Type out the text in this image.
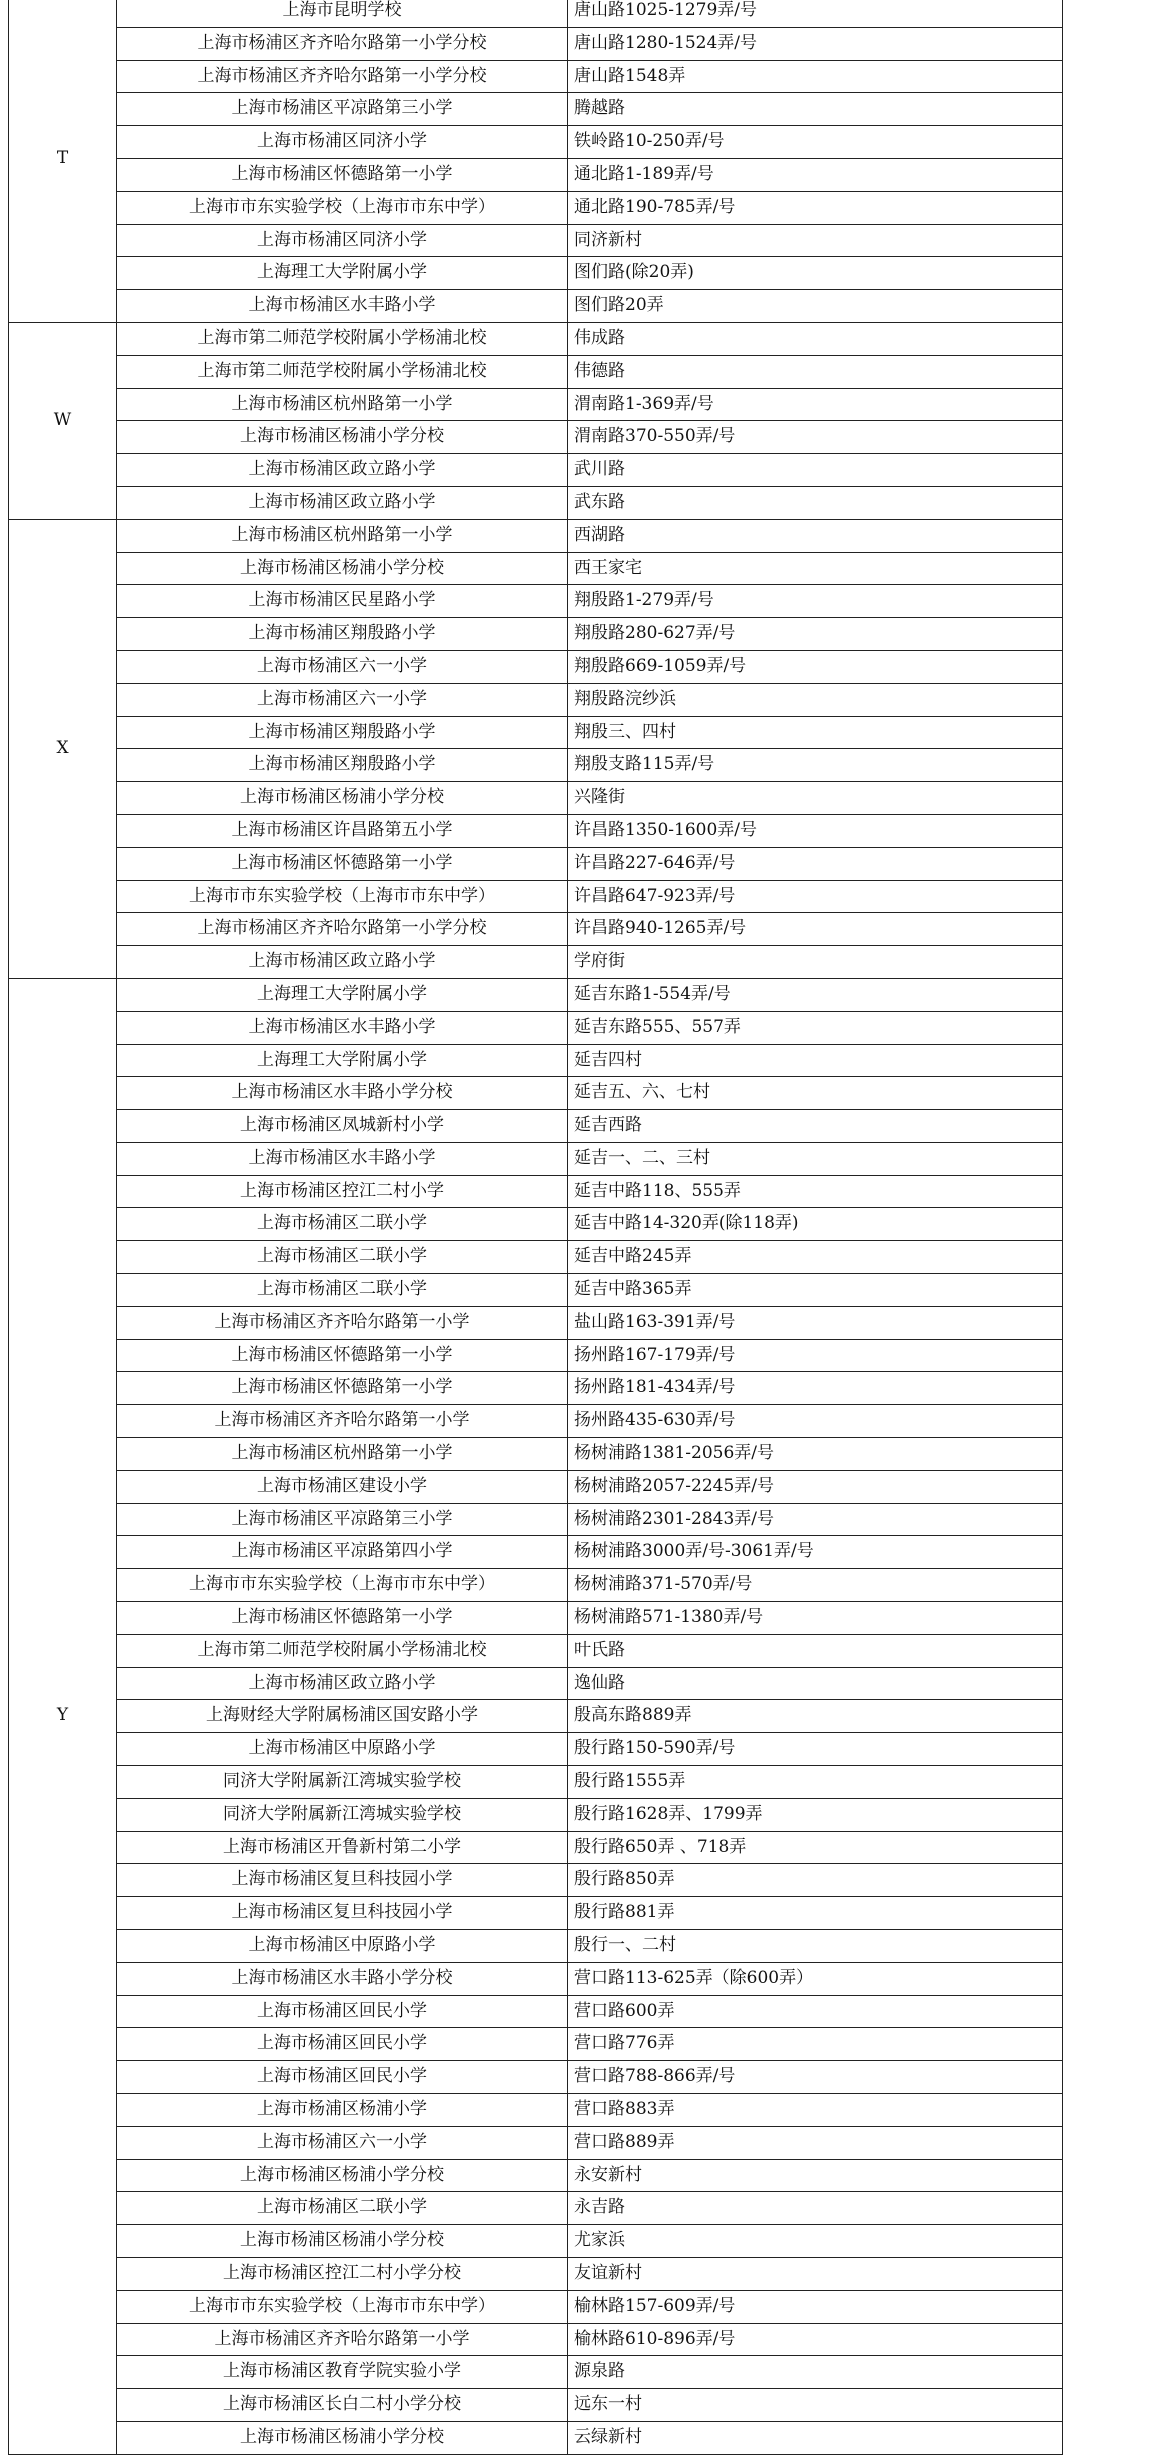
T	上海市昆明学校	唐山路1025-1279弄/号
	上海市杨浦区齐齐哈尔路第一小学分校	唐山路1280-1524弄/号
	上海市杨浦区齐齐哈尔路第一小学分校	唐山路1548弄
	上海市杨浦区平凉路第三小学	腾越路
	上海市杨浦区同济小学	铁岭路10-250弄/号
	上海市杨浦区怀德路第一小学	通北路1-189弄/号
	上海市市东实验学校（上海市市东中学）	通北路190-785弄/号
	上海市杨浦区同济小学	同济新村
	上海理工大学附属小学	图们路(除20弄)
	上海市杨浦区水丰路小学	图们路20弄
W	上海市第二师范学校附属小学杨浦北校	伟成路
	上海市第二师范学校附属小学杨浦北校	伟德路
	上海市杨浦区杭州路第一小学	渭南路1-369弄/号
	上海市杨浦区杨浦小学分校	渭南路370-550弄/号
	上海市杨浦区政立路小学	武川路
	上海市杨浦区政立路小学	武东路
X	上海市杨浦区杭州路第一小学	西湖路
	上海市杨浦区杨浦小学分校	西王家宅
	上海市杨浦区民星路小学	翔殷路1-279弄/号
	上海市杨浦区翔殷路小学	翔殷路280-627弄/号
	上海市杨浦区六一小学	翔殷路669-1059弄/号
	上海市杨浦区六一小学	翔殷路浣纱浜
	上海市杨浦区翔殷路小学	翔殷三、四村
	上海市杨浦区翔殷路小学	翔殷支路115弄/号
	上海市杨浦区杨浦小学分校	兴隆街
	上海市杨浦区许昌路第五小学	许昌路1350-1600弄/号
	上海市杨浦区怀德路第一小学	许昌路227-646弄/号
	上海市市东实验学校（上海市市东中学）	许昌路647-923弄/号
	上海市杨浦区齐齐哈尔路第一小学分校	许昌路940-1265弄/号
	上海市杨浦区政立路小学	学府街
Y	上海理工大学附属小学	延吉东路1-554弄/号
	上海市杨浦区水丰路小学	延吉东路555、557弄
	上海理工大学附属小学	延吉四村
	上海市杨浦区水丰路小学分校	延吉五、六、七村
	上海市杨浦区凤城新村小学	延吉西路
	上海市杨浦区水丰路小学	延吉一、二、三村
	上海市杨浦区控江二村小学	延吉中路118、555弄
	上海市杨浦区二联小学	延吉中路14-320弄(除118弄)
	上海市杨浦区二联小学	延吉中路245弄
	上海市杨浦区二联小学	延吉中路365弄
	上海市杨浦区齐齐哈尔路第一小学	盐山路163-391弄/号
	上海市杨浦区怀德路第一小学	扬州路167-179弄/号
	上海市杨浦区怀德路第一小学	扬州路181-434弄/号
	上海市杨浦区齐齐哈尔路第一小学	扬州路435-630弄/号
	上海市杨浦区杭州路第一小学	杨树浦路1381-2056弄/号
	上海市杨浦区建设小学	杨树浦路2057-2245弄/号
	上海市杨浦区平凉路第三小学	杨树浦路2301-2843弄/号
	上海市杨浦区平凉路第四小学	杨树浦路3000弄/号-3061弄/号
	上海市市东实验学校（上海市市东中学）	杨树浦路371-570弄/号
	上海市杨浦区怀德路第一小学	杨树浦路571-1380弄/号
	上海市第二师范学校附属小学杨浦北校	叶氏路
	上海市杨浦区政立路小学	逸仙路
	上海财经大学附属杨浦区国安路小学	殷高东路889弄
	上海市杨浦区中原路小学	殷行路150-590弄/号
	同济大学附属新江湾城实验学校	殷行路1555弄
	同济大学附属新江湾城实验学校	殷行路1628弄、1799弄
	上海市杨浦区开鲁新村第二小学	殷行路650弄 、718弄
	上海市杨浦区复旦科技园小学	殷行路850弄
	上海市杨浦区复旦科技园小学	殷行路881弄
	上海市杨浦区中原路小学	殷行一、二村
	上海市杨浦区水丰路小学分校	营口路113-625弄（除600弄）
	上海市杨浦区回民小学	营口路600弄
	上海市杨浦区回民小学	营口路776弄
	上海市杨浦区回民小学	营口路788-866弄/号
	上海市杨浦区杨浦小学	营口路883弄
	上海市杨浦区六一小学	营口路889弄
	上海市杨浦区杨浦小学分校	永安新村
	上海市杨浦区二联小学	永吉路
	上海市杨浦区杨浦小学分校	尤家浜
	上海市杨浦区控江二村小学分校	友谊新村
	上海市市东实验学校（上海市市东中学）	榆林路157-609弄/号
	上海市杨浦区齐齐哈尔路第一小学	榆林路610-896弄/号
	上海市杨浦区教育学院实验小学	源泉路
	上海市杨浦区长白二村小学分校	远东一村
	上海市杨浦区杨浦小学分校	云绿新村
